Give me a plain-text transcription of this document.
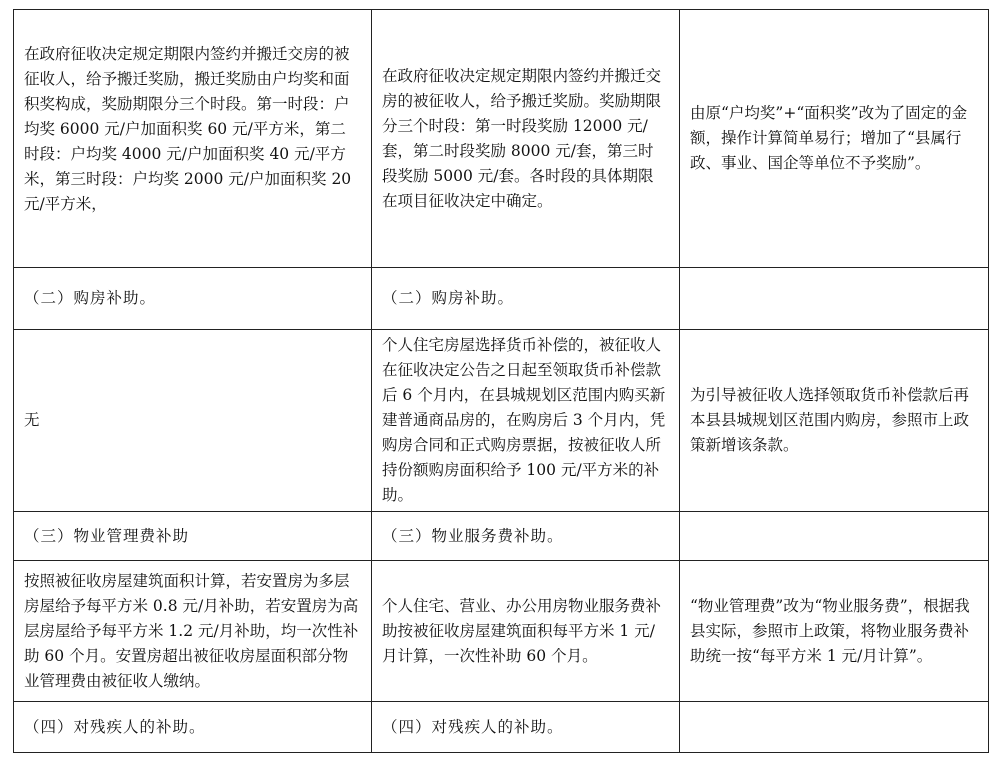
在政府征收决定规定期限内签约并搬迁交房的被征收人，给予搬迁奖励，搬迁奖励由户均奖和面积奖构成，奖励期限分三个时段。第一时段：户均奖 6000 元/户加面积奖 60 元/平方米，第二时段：户均奖 4000 元/户加面积奖 40 元/平方米，第三时段：户均奖 2000 元/户加面积奖 20 元/平方米，	在政府征收决定规定期限内签约并搬迁交房的被征收人，给予搬迁奖励。奖励期限分三个时段：第一时段奖励 12000 元/套，第二时段奖励 8000 元/套，第三时段奖励 5000 元/套。各时段的具体期限在项目征收决定中确定。	由原“户均奖”+“面积奖”改为了固定的金额，操作计算简单易行；增加了“县属行政、事业、国企等单位不予奖励”。
（二）购房补助。	（二）购房补助。	
无	个人住宅房屋选择货币补偿的，被征收人在征收决定公告之日起至领取货币补偿款后 6 个月内，在县城规划区范围内购买新建普通商品房的，在购房后 3 个月内，凭购房合同和正式购房票据，按被征收人所持份额购房面积给予 100 元/平方米的补助。	为引导被征收人选择领取货币补偿款后再本县县城规划区范围内购房，参照市上政策新增该条款。
（三）物业管理费补助	（三）物业服务费补助。	
按照被征收房屋建筑面积计算，若安置房为多层房屋给予每平方米 0.8 元/月补助，若安置房为高层房屋给予每平方米 1.2 元/月补助，均一次性补助 60 个月。安置房超出被征收房屋面积部分物业管理费由被征收人缴纳。	个人住宅、营业、办公用房物业服务费补助按被征收房屋建筑面积每平方米 1 元/月计算，一次性补助 60 个月。	“物业管理费”改为“物业服务费”，根据我县实际，参照市上政策，将物业服务费补助统一按“每平方米 1 元/月计算”。
（四）对残疾人的补助。	（四）对残疾人的补助。	
